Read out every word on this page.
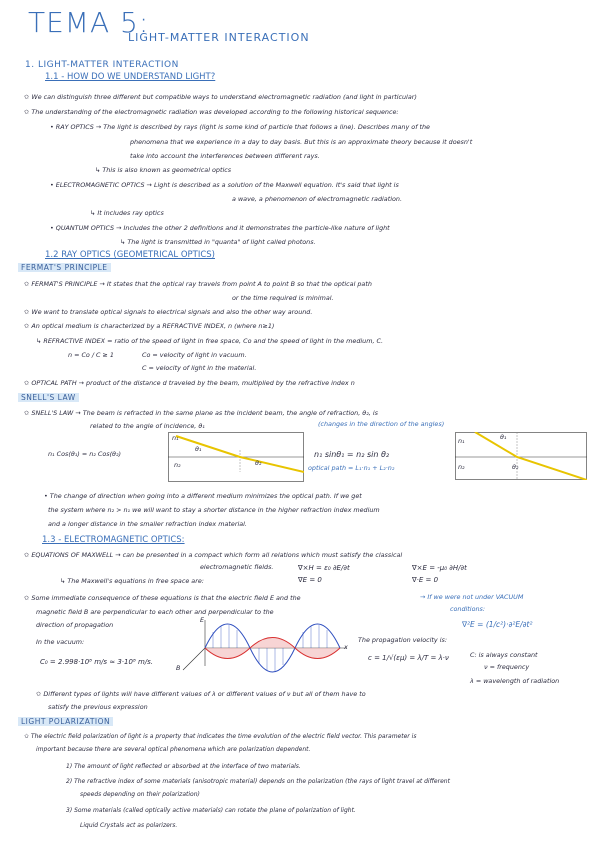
TEMA 5:
LIGHT-MATTER INTERACTION
1. LIGHT-MATTER INTERACTION
1.1 - HOW DO WE UNDERSTAND LIGHT?
✩ We can distinguish three different but compatible ways to understand electromagnetic radiation (and light in particular)
✩ The understanding of the electromagnetic radiation was developed according to the following historical sequence:
• RAY OPTICS → The light is described by rays (light is some kind of particle that follows a line). Describes many of the
phenomena that we experience in a day to day basis. But this is an approximate theory because it doesn't
take into account the interferences between different rays.
↳ This is also known as geometrical optics
• ELECTROMAGNETIC OPTICS → Light is described as a solution of the Maxwell equation. It's said that light is
a wave, a phenomenon of electromagnetic radiation.
↳ It includes ray optics
• QUANTUM OPTICS → Includes the other 2 definitions and it demonstrates the particle-like nature of light
↳ The light is transmitted in "quanta" of light called photons.
1.2 RAY OPTICS (GEOMETRICAL OPTICS)
FERMAT'S PRINCIPLE
✩ FERMAT'S PRINCIPLE → It states that the optical ray travels from point A to point B so that the optical path
or the time required is minimal.
✩ We want to translate optical signals to electrical signals and also the other way around.
✩ An optical medium is characterized by a REFRACTIVE INDEX, n (where n≥1)
↳ REFRACTIVE INDEX = ratio of the speed of light in free space, Co and the speed of light in the medium, C.
n = Co / C ≥ 1	Co = velocity of light in vacuum.
C = velocity of light in the material.
✩ OPTICAL PATH → product of the distance d traveled by the beam, multiplied by the refractive index n
SNELL'S LAW
✩ SNELL'S LAW → The beam is refracted in the same plane as the incident beam, the angle of refraction, θ₂, is
related to the angle of incidence, θ₁	(changes in the direction of the angles)
n₁ Cos(θ₁) = n₂ Cos(θ₂)	n₁ sinθ₁ = n₂ sin θ₂
optical path = L₁·n₁ + L₂·n₂
n₁
n₂
θ₁
θ₂
n₁
n₂
θ₁
θ₂
• The change of direction when going into a different medium minimizes the optical path. If we get
the system where n₂ > n₁ we will want to stay a shorter distance in the higher refraction index medium
and a longer distance in the smaller refraction index material.
1.3 - ELECTROMAGNETIC OPTICS:
✩ EQUATIONS OF MAXWELL → can be presented in a compact which form all relations which must satisfy the classical
electromagnetic fields.
↳ The Maxwell's equations in free space are:
∇×H = ε₀ ∂E/∂t	∇×E = -μ₀ ∂H/∂t
∇E = 0	∇·E = 0
✩ Some immediate consequence of these equations is that the electric field E and the
magnetic field B are perpendicular to each other and perpendicular to the
direction of propagation
→ If we were not under VACUUM
conditions:
∇²E = (1/c²)·∂²E/∂t²
In the vacuum:
C₀ = 2.998·10⁸ m/s ≈ 3·10⁸ m/s.
E
B
x
The propagation velocity is:
c = 1/√(εμ) = λ/T = λ·ν	C: is always constant
ν = frequency
λ = wavelength of radiation
✩ Different types of lights will have different values of λ or different values of ν but all of them have to
satisfy the previous expression
LIGHT POLARIZATION
✩ The electric field polarization of light is a property that indicates the time evolution of the electric field vector. This parameter is
important because there are several optical phenomena which are polarization dependent.
1) The amount of light reflected or absorbed at the interface of two materials.
2) The refractive index of some materials (anisotropic material) depends on the polarization (the rays of light travel at different
speeds depending on their polarization)
3) Some materials (called optically active materials) can rotate the plane of polarization of light.
Liquid Crystals act as polarizers.
